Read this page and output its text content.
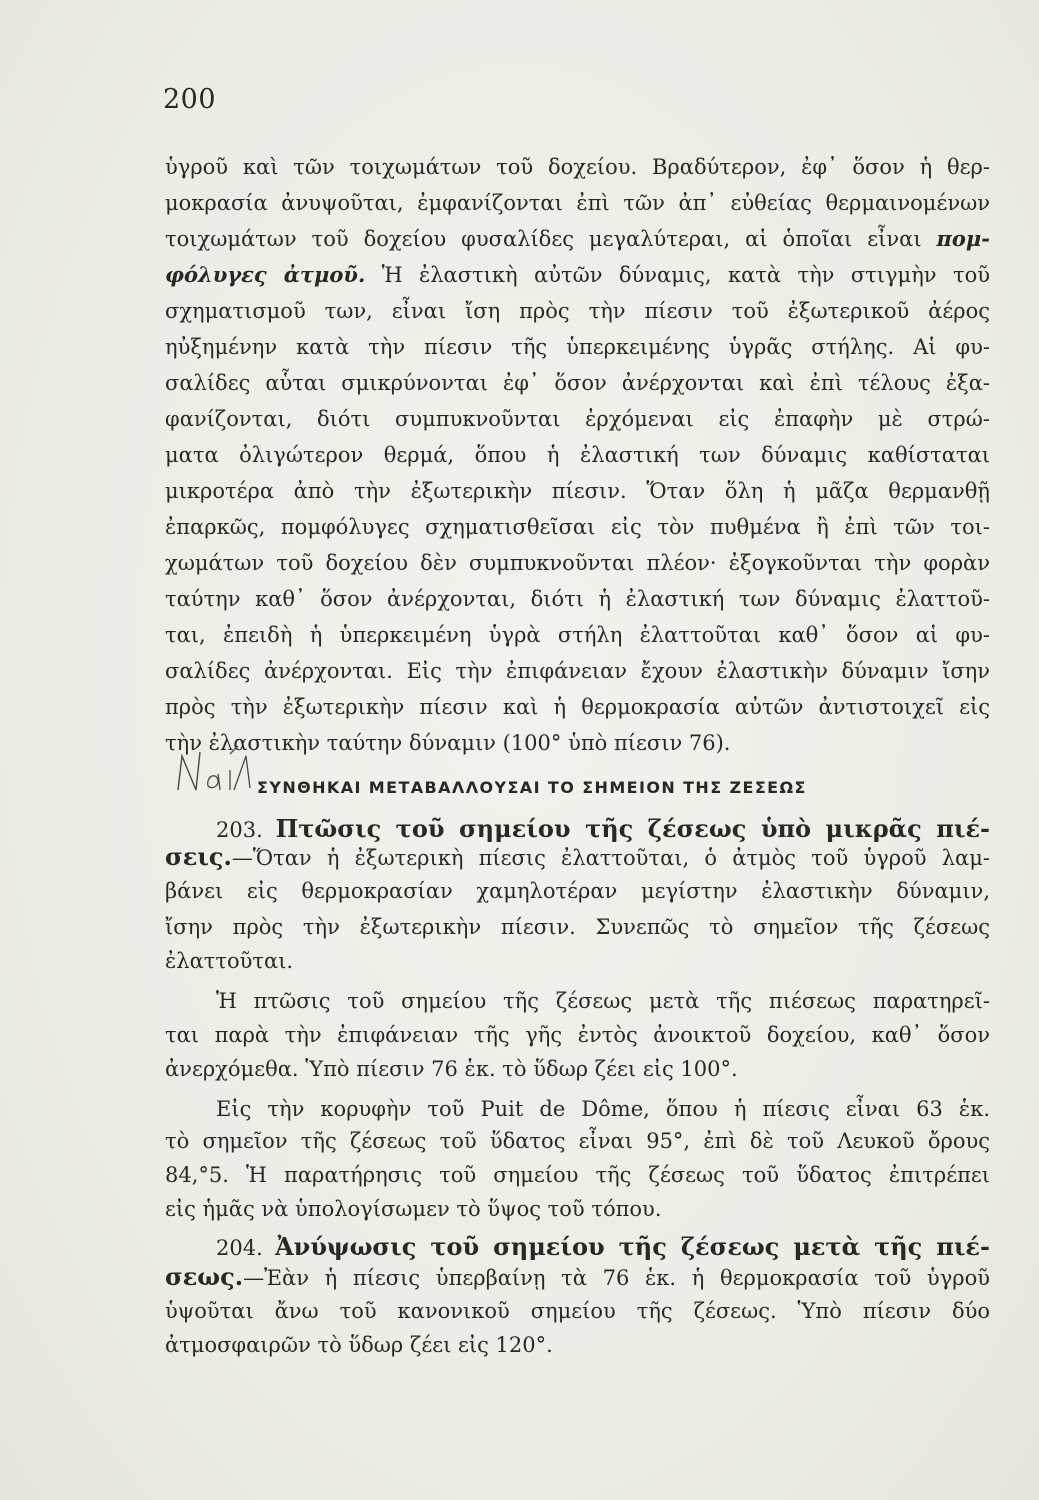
200
ὑγροῦ καὶ τῶν τοιχωμάτων τοῦ δοχείου. Βραδύτερον, ἐφ᾽ ὅσον ἡ θερ-
μοκρασία ἀνυψοῦται, ἐμφανίζονται ἐπὶ τῶν ἀπ᾽ εὐθείας θερμαινομένων
τοιχωμάτων τοῦ δοχείου φυσαλίδες μεγαλύτεραι, αἱ ὁποῖαι εἶναι πομ-
φόλυγες ἀτμοῦ. Ἡ ἐλαστικὴ αὐτῶν δύναμις, κατὰ τὴν στιγμὴν τοῦ
σχηματισμοῦ των, εἶναι ἴση πρὸς τὴν πίεσιν τοῦ ἐξωτερικοῦ ἀέρος
ηὐξημένην κατὰ τὴν πίεσιν τῆς ὑπερκειμένης ὑγρᾶς στήλης. Αἱ φυ-
σαλίδες αὗται σμικρύνονται ἐφ᾽ ὅσον ἀνέρχονται καὶ ἐπὶ τέλους ἐξα-
φανίζονται, διότι συμπυκνοῦνται ἐρχόμεναι εἰς ἐπαφὴν μὲ στρώ-
ματα ὀλιγώτερον θερμά, ὅπου ἡ ἐλαστική των δύναμις καθίσταται
μικροτέρα ἀπὸ τὴν ἐξωτερικὴν πίεσιν. Ὅταν ὅλη ἡ μᾶζα θερμανθῇ
ἐπαρκῶς, πομφόλυγες σχηματισθεῖσαι εἰς τὸν πυθμένα ἢ ἐπὶ τῶν τοι-
χωμάτων τοῦ δοχείου δὲν συμπυκνοῦνται πλέον· ἐξογκοῦνται τὴν φορὰν
ταύτην καθ᾽ ὅσον ἀνέρχονται, διότι ἡ ἐλαστική των δύναμις ἐλαττοῦ-
ται, ἐπειδὴ ἡ ὑπερκειμένη ὑγρὰ στήλη ἐλαττοῦται καθ᾽ ὅσον αἱ φυ-
σαλίδες ἀνέρχονται. Εἰς τὴν ἐπιφάνειαν ἔχουν ἐλαστικὴν δύναμιν ἴσην
πρὸς τὴν ἐξωτερικὴν πίεσιν καὶ ἡ θερμοκρασία αὐτῶν ἀντιστοιχεῖ εἰς
τὴν ἐλαστικὴν ταύτην δύναμιν (100° ὑπὸ πίεσιν 76).
ΣΥΝΘΗΚΑΙ ΜΕΤΑΒΑΛΛΟΥΣΑΙ ΤΟ ΣΗΜΕΙΟΝ ΤΗΣ ΖΕΣΕΩΣ
203. Πτῶσις τοῦ σημείου τῆς ζέσεως ὑπὸ μικρᾶς πιέ-
σεις.—Ὅταν ἡ ἐξωτερικὴ πίεσις ἐλαττοῦται, ὁ ἀτμὸς τοῦ ὑγροῦ λαμ-
βάνει εἰς θερμοκρασίαν χαμηλοτέραν μεγίστην ἐλαστικὴν δύναμιν,
ἴσην πρὸς τὴν ἐξωτερικὴν πίεσιν. Συνεπῶς τὸ σημεῖον τῆς ζέσεως
ἐλαττοῦται.
Ἡ πτῶσις τοῦ σημείου τῆς ζέσεως μετὰ τῆς πιέσεως παρατηρεῖ-
ται παρὰ τὴν ἐπιφάνειαν τῆς γῆς ἐντὸς ἀνοικτοῦ δοχείου, καθ᾽ ὅσον
ἀνερχόμεθα. Ὑπὸ πίεσιν 76 ἑκ. τὸ ὕδωρ ζέει εἰς 100°.
Εἰς τὴν κορυφὴν τοῦ Puit de Dôme, ὅπου ἡ πίεσις εἶναι 63 ἑκ.
τὸ σημεῖον τῆς ζέσεως τοῦ ὕδατος εἶναι 95°, ἐπὶ δὲ τοῦ Λευκοῦ ὄρους
84,°5. Ἡ παρατήρησις τοῦ σημείου τῆς ζέσεως τοῦ ὕδατος ἐπιτρέπει
εἰς ἡμᾶς νὰ ὑπολογίσωμεν τὸ ὕψος τοῦ τόπου.
204. Ἀνύψωσις τοῦ σημείου τῆς ζέσεως μετὰ τῆς πιέ-
σεως.—Ἐὰν ἡ πίεσις ὑπερβαίνῃ τὰ 76 ἑκ. ἡ θερμοκρασία τοῦ ὑγροῦ
ὑψοῦται ἄνω τοῦ κανονικοῦ σημείου τῆς ζέσεως. Ὑπὸ πίεσιν δύο
ἀτμοσφαιρῶν τὸ ὕδωρ ζέει εἰς 120°.
